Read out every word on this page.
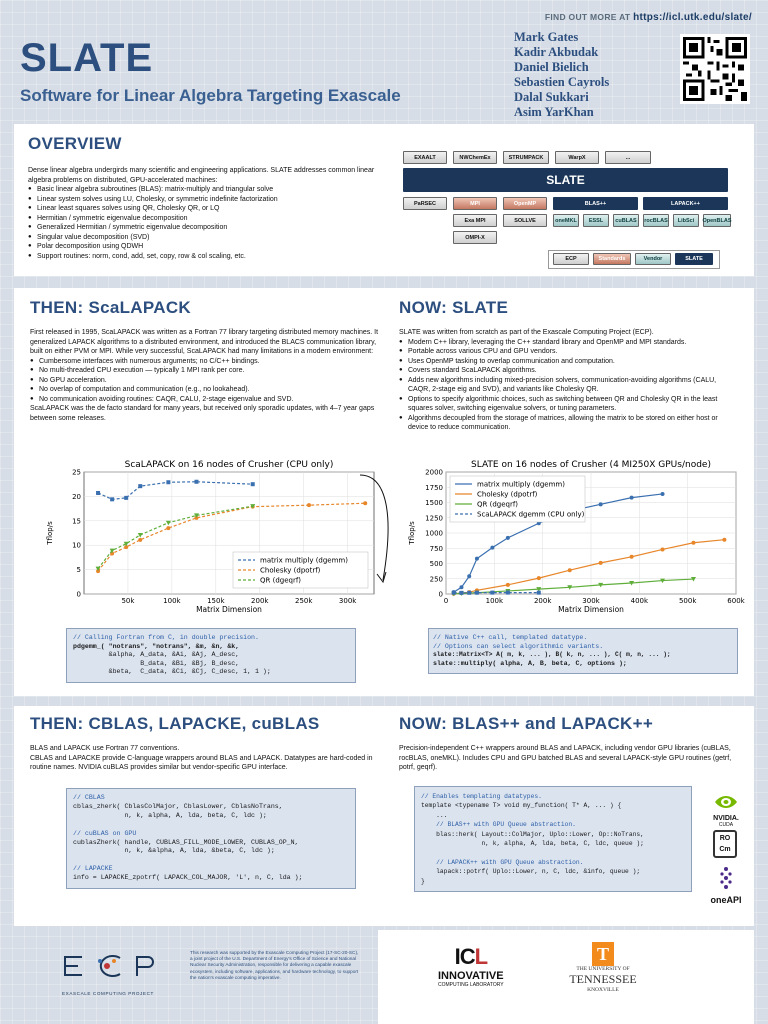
FIND OUT MORE AT https://icl.utk.edu/slate/
SLATE
Software for Linear Algebra Targeting Exascale
Mark Gates
Kadir Akbudak
Daniel Bielich
Sebastien Cayrols
Dalal Sukkari
Asim YarKhan
OVERVIEW

Dense linear algebra undergirds many scientific and engineering applications. SLATE addresses common linear algebra problems on distributed, GPU-accelerated machines:

● Basic linear algebra subroutines (BLAS): matrix-multiply and triangular solve
● Linear system solves using LU, Cholesky, or symmetric indefinite factorization
● Linear least squares solves using QR, Cholesky QR, or LQ
● Hermitian / symmetric eigenvalue decomposition
● Generalized Hermitian / symmetric eigenvalue decomposition
● Singular value decomposition (SVD)
● Polar decomposition using QDWH
● Support routines: norm, cond, add, set, copy, row & col scaling, etc.
EXAALT	NWChemEx	STRUMPACK	WarpX	...
SLATE
PaRSEC	MPI	OpenMP	BLAS++	LAPACK++
Exa MPI	SOLLVE	oneMKL	ESSL	cuBLAS	rocBLAS	LibSci	OpenBLAS
OMPI-X
ECP	Standards	Vendor	SLATE
THEN: ScaLAPACK	NOW: SLATE

First released in 1995, ScaLAPACK was written as a Fortran 77 library targeting distributed memory machines. It generalized LAPACK algorithms to a distributed environment, and introduced the BLACS communication library, built on either PVM or MPI. While very successful, ScaLAPACK had many limitations in a modern environment:

● Cumbersome interfaces with numerous arguments; no C/C++ bindings.
● No multi-threaded CPU execution — typically 1 MPI rank per core.
● No GPU acceleration.
● No overlap of computation and communication (e.g., no lookahead).
● No communication avoiding routines: CAQR, CALU, 2-stage eigenvalue and SVD.

ScaLAPACK was the de facto standard for many years, but received only sporadic updates, with 4–7 year gaps between some releases.

SLATE was written from scratch as part of the Exascale Computing Project (ECP).

● Modern C++ library, leveraging the C++ standard library and OpenMP and MPI standards.
● Portable across various CPU and GPU vendors.
● Uses OpenMP tasking to overlap communication and computation.
● Covers standard ScaLAPACK algorithms.
● Adds new algorithms including mixed-precision solvers, communication-avoiding algorithms (CALU, CAQR, 2-stage eig and SVD), and variants like Cholesky QR.
● Options to specify algorithmic choices, such as switching between QR and Cholesky QR in the least squares solver, switching eigenvalue solvers, or tuning parameters.
● Algorithms decoupled from the storage of matrices, allowing the matrix to be stored on either host or device to reduce communication.
ScaLAPACK on 16 nodes of Crusher (CPU only)
0
5
10
15
20
25
50k	100k	150k	200k	250k	300k
Matrix Dimension
Tflop/s
matrix multiply (dgemm)
Cholesky (dpotrf)
QR (dgeqrf)
SLATE on 16 nodes of Crusher (4 MI250X GPUs/node)
0
250
500
750
1000
1250
1500
1750
2000
0	100k	200k	300k	400k	500k	600k
Matrix Dimension
Tflop/s
matrix multiply (dgemm)
Cholesky (dpotrf)
QR (dgeqrf)
ScaLAPACK dgemm (CPU only)
// Calling Fortran from C, in double precision.
pdgemm_( "notrans", "notrans", &m, &n, &k,
&alpha, A_data, &Ai, &Aj, A_desc,
B_data, &Bi, &Bj, B_desc,
&beta,  C_data, &Ci, &Cj, C_desc, 1, 1 );
// Native C++ call, templated datatype.
// Options can select algorithmic variants.
slate::Matrix<T> A( m, k, ... ), B( k, n, ... ), C( m, n, ... );
slate::multiply( alpha, A, B, beta, C, options );
THEN: CBLAS, LAPACKE, cuBLAS	NOW: BLAS++ and LAPACK++

BLAS and LAPACK use Fortran 77 conventions.

CBLAS and LAPACKE provide C-language wrappers around BLAS and LAPACK. Datatypes are hard-coded in routine names. NVIDIA cuBLAS provides similar but vendor-specific GPU interface.

Precision-independent C++ wrappers around BLAS and LAPACK, including vendor GPU libraries (cuBLAS, rocBLAS, oneMKL). Includes CPU and GPU batched BLAS and several LAPACK-style GPU routines (getrf, potrf, geqrf).

// CBLAS
cblas_zherk( CblasColMajor, CblasLower, CblasNoTrans,
n, k, alpha, A, lda, beta, C, ldc );

// cuBLAS on GPU
cublasZherk( handle, CUBLAS_FILL_MODE_LOWER, CUBLAS_OP_N,
n, k, &alpha, A, lda, &beta, C, ldc );

// LAPACKE
info = LAPACKE_zpotrf( LAPACK_COL_MAJOR, 'L', n, C, lda );
// Enables templating datatypes.
template <typename T> void my_function( T* A, ... ) {
...
// BLAS++ with GPU Queue abstraction.
blas::herk( Layout::ColMajor, Uplo::Lower, Op::NoTrans,
n, k, alpha, A, lda, beta, C, ldc, queue );

// LAPACK++ with GPU Queue abstraction.
lapack::potrf( Uplo::Lower, n, C, ldc, &info, queue );
}
NVIDIA.
CUDA
RO
Cm
oneAPI
EXASCALE COMPUTING PROJECT
This research was supported by the Exascale Computing Project (17-SC-20-SC), a joint project of the U.S. Department of Energy's Office of Science and National Nuclear Security Administration, responsible for delivering a capable exascale ecosystem, including software, applications, and hardware technology, to support the nation's exascale computing imperative.
ICL
INNOVATIVE
COMPUTING LABORATORY
T
THE UNIVERSITY OF
TENNESSEE
KNOXVILLE
